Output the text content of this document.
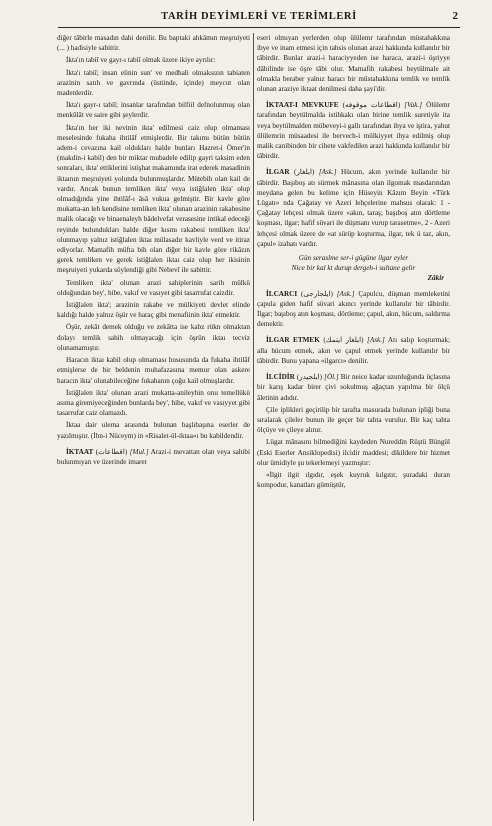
TARİH DEYİMLERİ VE TERİMLERİ	2

diğer tâbirle masadın dahi denilir. Bu baptaki ahkâmın meşruiyeti (... ) hadisiyle sabittir.

İkta'ın tabiî ve gayr-ı tabiî olmak üzere ikiye ayrılır:

İkta'ı tabiî; insan elinin sun' ve medhali olmaksızın tabiaten arazinin satıh ve gavrında (üstünde, içinde) meycut olan madenlerdir.

İkta'ı gayr-ı tabiî; insanlar tarafından bilfiil defnolunmuş olan menkûlât ve saire gibi şeylerdir.

İkta'ın her iki nevinin ikta' edilmesi caiz olup olmaması meselesinde fukaha ihtilâf etmişlerdir. Bir takımı bütün bütün adem-i cevazına kail oldukları halde bunları Hazret-i Ömer'in (makdin-i kabil) den bir miktar mubadele edilip gayri taksim eden sonraları, ikta' ettiklerini istişhat makamında irat ederek masadinin iktaının meşruiyeti yolunda bulunmuşlardır. Mütebih olan kail de vardır. Ancak bunun temliken ikta' veya istiğlalen ikta' olup olmadığında yine ihtilâf-ı âsâ vukua gelmiştir. Bir kavle göre mukatta-an leh kendisine temliken ikta' olunan arazinin rakabesine malik olacağı ve binaenaleyh bâdelvefat verasesine intikal edeceği reyinde bulundukları halde diğer kısmı rakabesi temliken ikta' olunmayıp yalnız istiğlalen iktaı mülasadır kavliyle verd ve itiraz ediyorlar. Mamafih müfta bih olan diğer bir kavle göre rikâzın gerek temliken ve gerek istiğlalen iktaı caiz olup her ikisinin meşruiyeti yukarda söylendiği gibi Nebevî ile sabittir.

Temliken ikta' olunan arazi sahiplerinin sarih mülkü olduğundan bey', hibe, vakıf ve vasıyet gibi tasarrufat caizdir.

İstiğlalen ikta'; arazinin rakabe ve mülkiyeti devlet elinde kaldığı halde yalnız öşür ve haraç gibi menafiinin ikta' etmektir.

Öşür, zekât demek olduğu ve zekâtta ise kabz rükn olmaktan dolayı temlik sahih olmayacağı için öşrün iktaı tecviz olunamamıştır.

Haracın iktaı kabil olup olmaması hususunda da fukaha ihtilâf etmişlerse de bir beldenin muhafazasına memur olan askere haracın ikta' olunabileceğine fukahanın çoğu kail olmuşlardır.

İstiğlalen ikta' olunan arazi mukatta-anileyhin onu temellükü asıma giremiyeceğinden bunlarda bey', hibe, vakıf ve vasıyyet gibi tasarrufat caiz olamazdı.

İktaa dair ulema arasında bulunan başlıbaşına eserler de yazılmıştır. (İbn-i Nüceym) in «Risalet-ül-iktaa»ı bu kabildendir.

İKTAAT (اقطاعات) [Mul.] Arazi-i mevattan olan veya sahibi bulunmıyan ve üzerinde imaret

eseri olmıyan yerlerden olup ülülemr tarafından müstahakkına ibye ve inam etmesi için tahsis olunan arazi hakkında kullanılır bir tâbirdir. Bunlar arazi-i haraciyyeden ise haraca, arazi-i öşriyye dâhilinde ise öşre tâbi olur. Mamafih rakabesi beytülmale ait olmakla beraber yalnız haracı bir müstahakkına temlik ve temlik olunan araziye iktaat denilmesi daha şayi'dir.

İKTAAT-I MEVKUFE (اقطاعات موقوفه) [Vak.] Ölülemr tarafından beytülmalda istihkakı olan birine temlik suretiyle ita veya beytülmalden mübeveyi-i gallı tarafından ihya ve iştira, yahut ülülemrin müsaadesi ile bervech-i mülkiyyet ihya edilmiş olup malik canibinden bir cihete vakfedilen arazi hakkında kullanılır bir tâbirdir.

İLGAR (ایلغار) [Ask.] Hücum, akın yerinde kullanılır bir tâbirdir. Başıboş atı sürmek mânasına olan ilgomak masdarından meydana gelen bu kelime için Hüseyin Kâzım Beyin «Türk Lügatı» nda Çağatay ve Azeri lehçelerine mahsus olarak: 1 - Çağatay lehçesi olmak üzere «akın, taraş; başıboş atın dörtleme koşması, ilgar; hafif süvari ile düşmanı vurup tarasetme», 2 - Azeri lehçesi olmak üzere de «at sürüp koşturma, ilgar, tek ü taz, akın, çapul» izahatı vardır.

Gün seraslme ser-i gügüne ilgar eyler
Nice bir kal kt durup dergeh-i sultane gelir
Zâkir

İLCARCI (ایلجارجی) [Ask.] Çapulcu, düşman memleketini çapula giden hafif süvari akıncı yerinde kullanılır bir tâbirdir. İlgar; başıboş atın koşması, dörtleme; çapul, akın, hücum, saldırma demektir.

İLGAR ETMEK (ایلغار ایتمك) [Ask.] Atı salıp koşturmak; alla hücum etmek, akın ve çapul etmek yerinde kullanılır bir tâbirdir. Bunu yapana «ilgarcı» denilir.

İLCİDİR (ایلجیدر) [Öl.] Bir neice kadar uzunluğunda üçlasına bir karış kadar birer çivi sokulmuş ağaçtan yapılma bir ölçü âletinin adıdır.

Çile iplikleri geçirilip bir tarafta masurada bulunan ipliği buna sıralarak çileler bunun ile geçer bir tahta vurulur. Bir kaç tahta ölçüye ve çileye alınır.

Lügat mânasını bilmediğini kaydeden Nureddin Rüştü Büngül (Eski Eserler Ansiklopedisi) ilcidir maddesi; dikildere bir hizmet olur ümidiyle şu tekerlemeyi yazmıştır:

«İlgit ilgit ılgıdır, eşek kuyruk kılgıtır, şuradaki duran kompodur, kanatları gümüştür,
